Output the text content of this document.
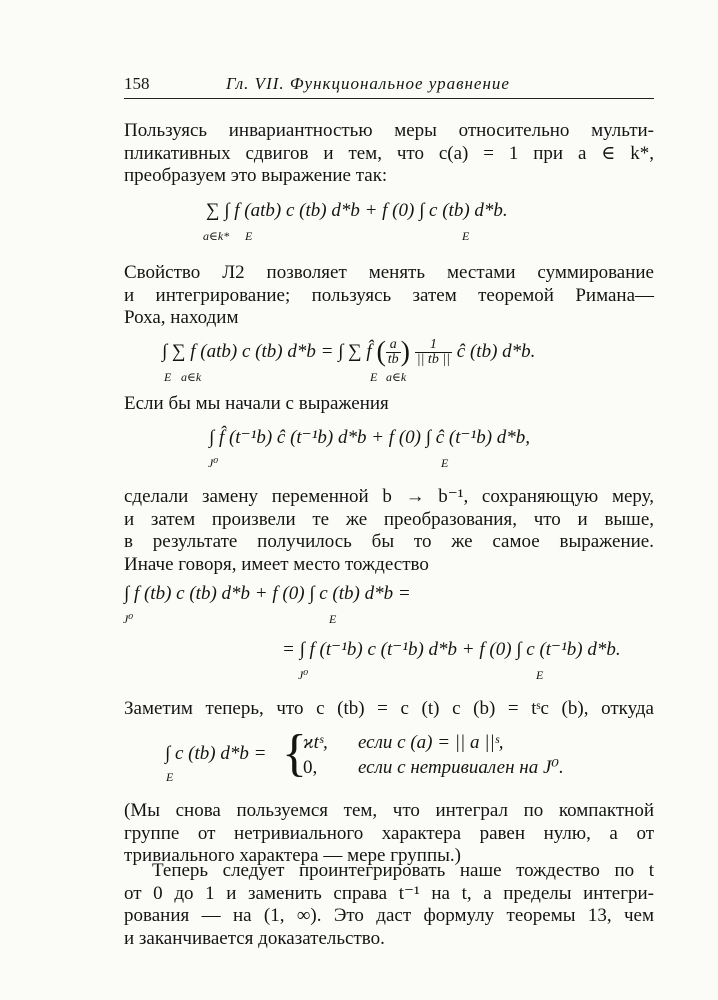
158	Гл. VII. Функциональное уравнение
Пользуясь инвариантностью меры относительно мульти-
пликативных сдвигов и тем, что c(a) = 1 при a ∈ k*,
преобразуем это выражение так:
∑ ∫ f (atb) c (tb) d*b + f (0) ∫ c (tb) d*b.
a∈k* E	E
Свойство Л2 позволяет менять местами суммирование
и интегрирование; пользуясь затем теоремой Римана—
Роха, находим
∫ ∑ f (atb) c (tb) d*b = ∫ ∑ f̂ ( $\frac{a}{tb}$ ) $\frac{1}{|| tb ||}$ ĉ (tb) d*b.
E a∈k	E a∈k
Если бы мы начали с выражения
∫ f̂ (t⁻¹b) ĉ (t⁻¹b) d*b + f (0) ∫ ĉ (t⁻¹b) d*b,
J⁰	E
сделали замену переменной b → b⁻¹, сохраняющую меру,
и затем произвели те же преобразования, что и выше,
в результате получилось бы то же самое выражение.
Иначе говоря, имеет место тождество
∫ f (tb) c (tb) d*b + f (0) ∫ c (tb) d*b =
J⁰	E
= ∫ f (t⁻¹b) c (t⁻¹b) d*b + f (0) ∫ c (t⁻¹b) d*b.
J⁰	E
Заметим теперь, что c (tb) = c (t) c (b) = tˢc (b), откуда
∫ c (tb) d*b =
E {
ϰtˢ, если c (a) = || a ||ˢ,
0, если c нетривиален на J⁰.
(Мы снова пользуемся тем, что интеграл по компактной
группе от нетривиального характера равен нулю, а от
тривиального характера — мере группы.)
Теперь следует проинтегрировать наше тождество по t
от 0 до 1 и заменить справа t⁻¹ на t, а пределы интегри-
рования — на (1, ∞). Это даст формулу теоремы 13, чем
и заканчивается доказательство.
